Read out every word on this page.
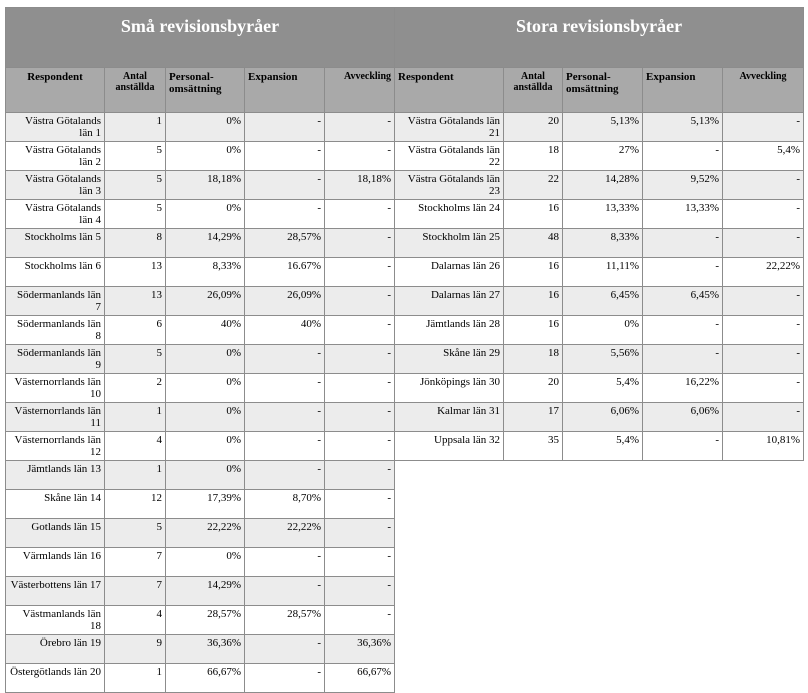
Små revisionsbyråer				
Respondent	Antal anställda	Personal-omsättning	Expansion	Avveckling
Västra Götalands län 1	1	0%	-	-
Västra Götalands län 2	5	0%	-	-
Västra Götalands län 3	5	18,18%	-	18,18%
Västra Götalands län 4	5	0%	-	-
Stockholms län 5	8	14,29%	28,57%	-
Stockholms län 6	13	8,33%	16.67%	-
Södermanlands län 7	13	26,09%	26,09%	-
Södermanlands län 8	6	40%	40%	-
Södermanlands län 9	5	0%	-	-
Västernorrlands län 10	2	0%	-	-
Västernorrlands län 11	1	0%	-	-
Västernorrlands län 12	4	0%	-	-
Jämtlands län 13	1	0%	-	-
Skåne län 14	12	17,39%	8,70%	-
Gotlands län 15	5	22,22%	22,22%	-
Värmlands län 16	7	0%	-	-
Västerbottens län 17	7	14,29%	-	-
Västmanlands län 18	4	28,57%	28,57%	-
Örebro län 19	9	36,36%	-	36,36%
Östergötlands län 20	1	66,67%	-	66,67%
Stora revisionsbyråer				
Respondent	Antal anställda	Personal-omsättning	Expansion	Avveckling
Västra Götalands län 21	20	5,13%	5,13%	-
Västra Götalands län 22	18	27%	-	5,4%
Västra Götalands län 23	22	14,28%	9,52%	-
Stockholms län 24	16	13,33%	13,33%	-
Stockholm län 25	48	8,33%	-	-
Dalarnas län 26	16	11,11%	-	22,22%
Dalarnas län 27	16	6,45%	6,45%	-
Jämtlands län 28	16	0%	-	-
Skåne län 29	18	5,56%	-	-
Jönköpings län 30	20	5,4%	16,22%	-
Kalmar län 31	17	6,06%	6,06%	-
Uppsala län 32	35	5,4%	-	10,81%
